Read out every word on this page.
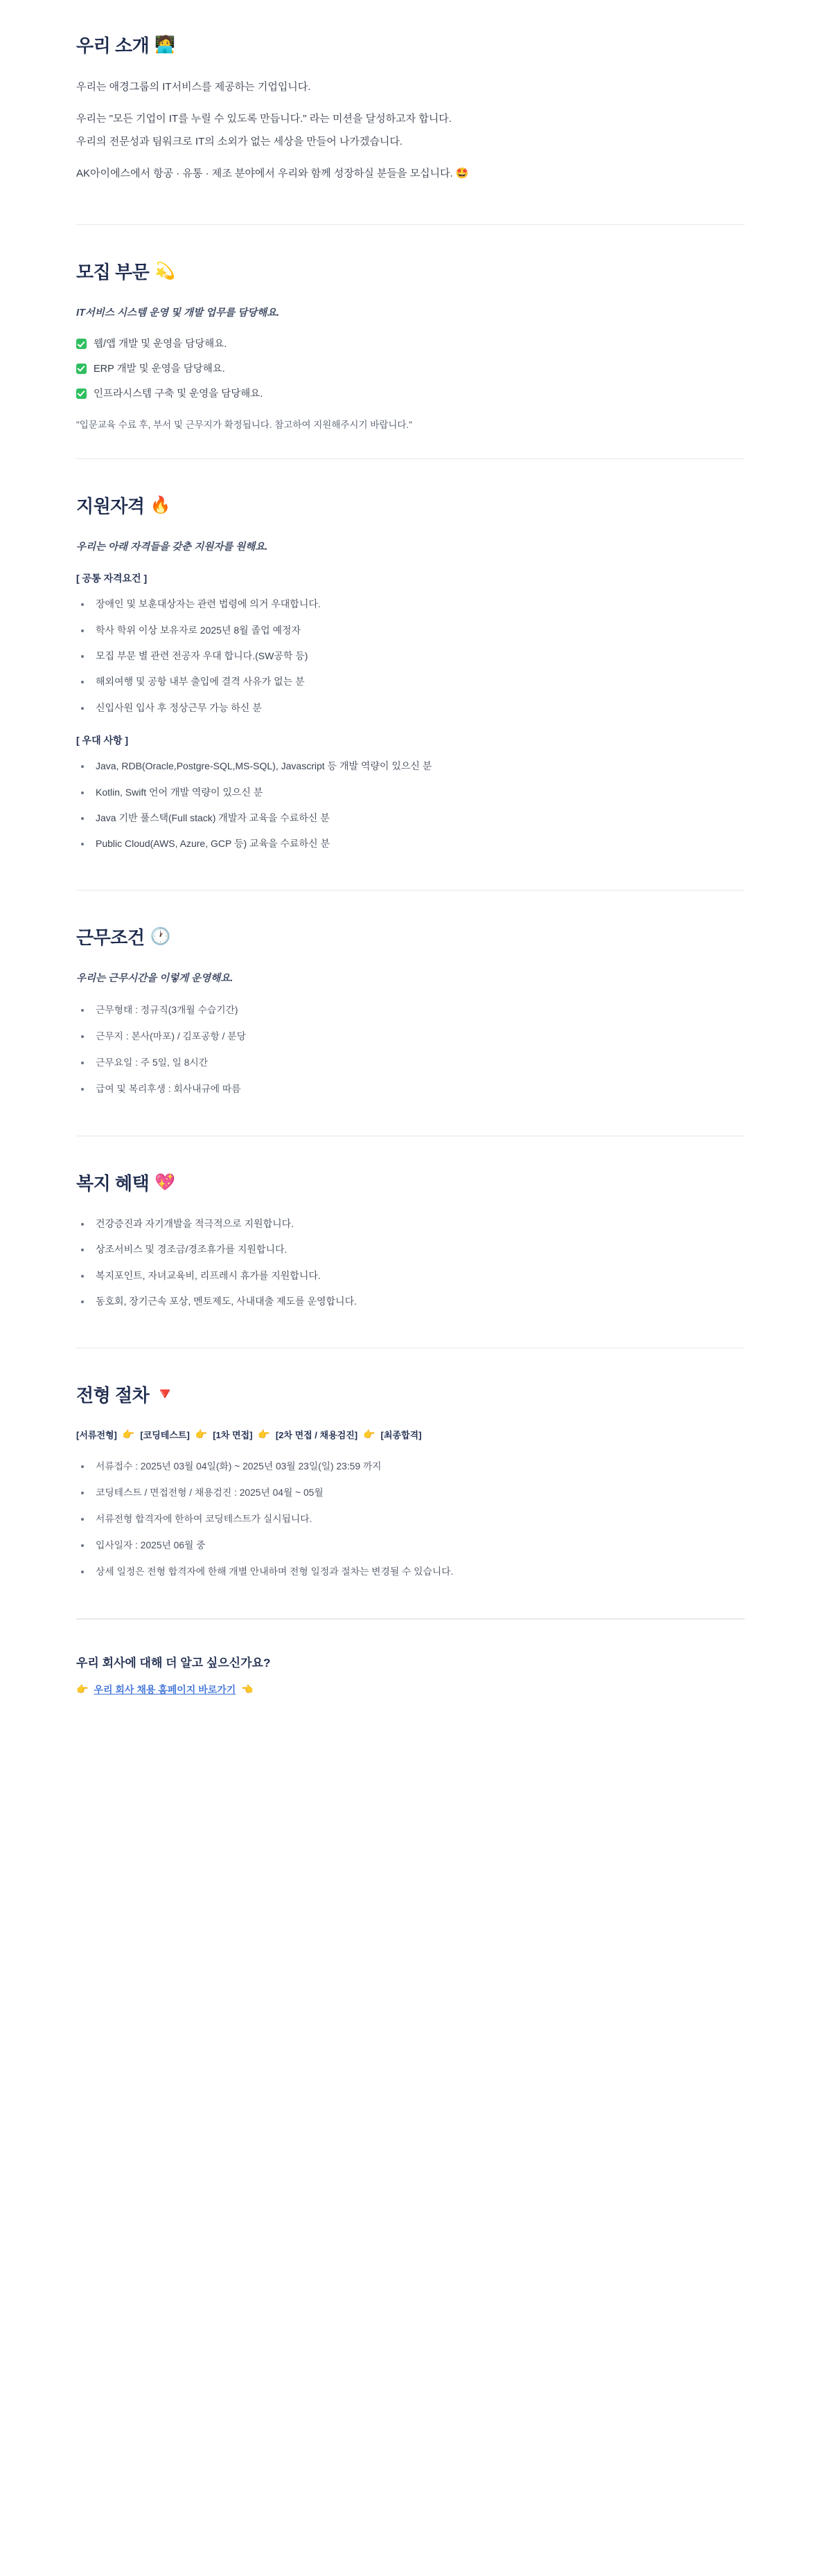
우리 소개 🧑‍💻

우리는 애경그룹의 IT서비스를 제공하는 기업입니다.

우리는 "모든 기업이 IT를 누릴 수 있도록 만듭니다." 라는 미션을 달성하고자 합니다.

우리의 전문성과 팀워크로 IT의 소외가 없는 세상을 만들어 나가겠습니다.

AK아이에스에서 항공 · 유통 · 제조 분야에서 우리와 함께 성장하실 분들을 모십니다. 🤩

모집 부문 💫

IT서비스 시스템 운영 및 개발 업무를 담당해요.

웹/앱 개발 및 운영을 담당해요.
ERP 개발 및 운영을 담당해요.
인프라시스템 구축 및 운영을 담당해요.

"입문교육 수료 후, 부서 및 근무지가 확정됩니다. 참고하여 지원해주시기 바랍니다."

지원자격 🔥

우리는 아래 자격들을 갖춘 지원자를 원해요.

[ 공통 자격요건 ]

• 장애인 및 보훈대상자는 관련 법령에 의거 우대합니다.
• 학사 학위 이상 보유자로 2025년 8월 졸업 예정자
• 모집 부문 별 관련 전공자 우대 합니다.(SW공학 등)
• 해외여행 및 공항 내부 출입에 결격 사유가 없는 분
• 신입사원 입사 후 정상근무 가능 하신 분

[ 우대 사항 ]

• Java, RDB(Oracle,Postgre-SQL,MS-SQL), Javascript 등 개발 역량이 있으신 분
• Kotlin, Swift 언어 개발 역량이 있으신 분
• Java 기반 풀스택(Full stack) 개발자 교육을 수료하신 분
• Public Cloud(AWS, Azure, GCP 등) 교육을 수료하신 분
근무조건 🕐

우리는 근무시간을 이렇게 운영해요.

• 근무형태 : 정규직(3개월 수습기간)
• 근무지 : 본사(마포) / 김포공항 / 분당
• 근무요일 : 주 5일, 일 8시간
• 급여 및 복리후생 : 회사내규에 따름
복지 혜택 💖
• 건강증진과 자기개발을 적극적으로 지원합니다.
• 상조서비스 및 경조금/경조휴가를 지원합니다.
• 복지포인트, 자녀교육비, 리프레시 휴가를 지원합니다.
• 동호회, 장기근속 포상, 멘토제도, 사내대출 제도를 운영합니다.
전형 절차 🔻
[서류전형] 👉 [코딩테스트] 👉 [1차 면접] 👉 [2차 면접 / 채용검진] 👉 [최종합격]
• 서류접수 : 2025년 03월 04일(화) ~ 2025년 03월 23일(일) 23:59 까지
• 코딩테스트 / 면접전형 / 채용검진 : 2025년 04월 ~ 05월
• 서류전형 합격자에 한하여 코딩테스트가 실시됩니다.
• 입사일자 : 2025년 06월 중
• 상세 일정은 전형 합격자에 한해 개별 안내하며 전형 일정과 절차는 변경될 수 있습니다.

우리 회사에 대해 더 알고 싶으신가요?

👉 우리 회사 채용 홈페이지 바로가기 👈
